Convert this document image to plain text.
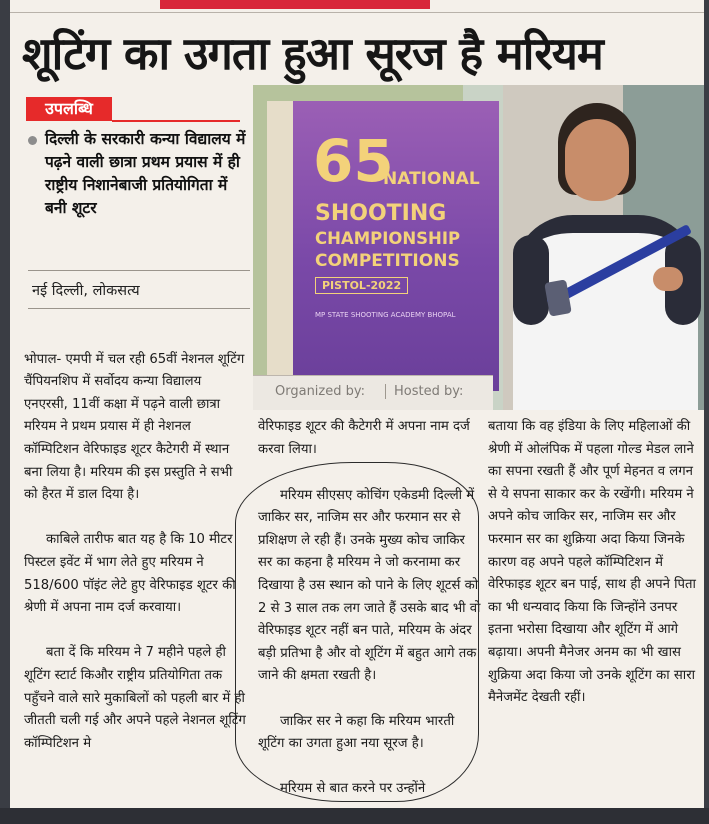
शूटिंग का उगता हुआ सूरज है मरियम
उपलब्धि
दिल्ली के सरकारी कन्या विद्यालय में पढ़ने वाली छात्रा प्रथम प्रयास में ही राष्ट्रीय निशानेबाजी प्रतियोगिता में बनी शूटर
नई दिल्ली, लोकसत्य

भोपाल- एमपी में चल रही 65वीं नेशनल शूटिंग चैंपियनशिप में सर्वोदय कन्या विद्यालय एनएरसी, 11वीं कक्षा में पढ़ने वाली छात्रा मरियम ने प्रथम प्रयास में ही नेशनल कॉम्पिटिशन वेरिफाइड शूटर कैटेगरी में स्थान बना लिया है। मरियम की इस प्रस्तुति ने सभी को हैरत में डाल दिया है।

काबिले तारीफ बात यह है कि 10 मीटर पिस्टल इवेंट में भाग लेते हुए मरियम ने 518/600 पॉइंट लेटे हुए वेरिफाइड शूटर की श्रेणी में अपना नाम दर्ज करवाया।

बता दें कि मरियम ने 7 महीने पहले ही शूटिंग स्टार्ट किऔर राष्ट्रीय प्रतियोगिता तक पहुँचने वाले सारे मुकाबिलों को पहली बार में ही जीतती चली गई और अपने पहले नेशनल शूटिंग कॉम्पिटिशन मे

65
NATIONAL
SHOOTING
CHAMPIONSHIP
COMPETITIONS
PISTOL-2022
MP STATE SHOOTING ACADEMY BHOPAL
Organized by:	Hosted by:
वेरिफाइड शूटर की कैटेगरी में अपना नाम दर्ज करवा लिया।

मरियम सीएसए कोचिंग एकेडमी दिल्ली में जाकिर सर, नाजिम सर और फरमान सर से प्रशिक्षण ले रही हैं। उनके मुख्य कोच जाकिर सर का कहना है मरियम ने जो करनामा कर दिखाया है उस स्थान को पाने के लिए शूटर्स को 2 से 3 साल तक लग जाते हैं उसके बाद भी वो वेरिफाइड शूटर नहीं बन पाते, मरियम के अंदर बड़ी प्रतिभा है और वो शूटिंग में बहुत आगे तक जाने की क्षमता रखती है।

जाकिर सर ने कहा कि मरियम भारती शूटिंग का उगता हुआ नया सूरज है।

मरियम से बात करने पर उन्होंने

बताया कि वह इंडिया के लिए महिलाओं की श्रेणी में ओलंपिक में पहला गोल्ड मेडल लाने का सपना रखती हैं और पूर्ण मेहनत व लगन से ये सपना साकार कर के रखेंगी। मरियम ने अपने कोच जाकिर सर, नाजिम सर और फरमान सर का शुक्रिया अदा किया जिनके कारण वह अपने पहले कॉम्पिटिशन में वेरिफाइड शूटर बन पाई, साथ ही अपने पिता का भी धन्यवाद किया कि जिन्होंने उनपर इतना भरोसा दिखाया और शूटिंग में आगे बढ़ाया। अपनी मैनेजर अनम का भी खास शुक्रिया अदा किया जो उनके शूटिंग का सारा मैनेजमेंट देखती रहीं।
